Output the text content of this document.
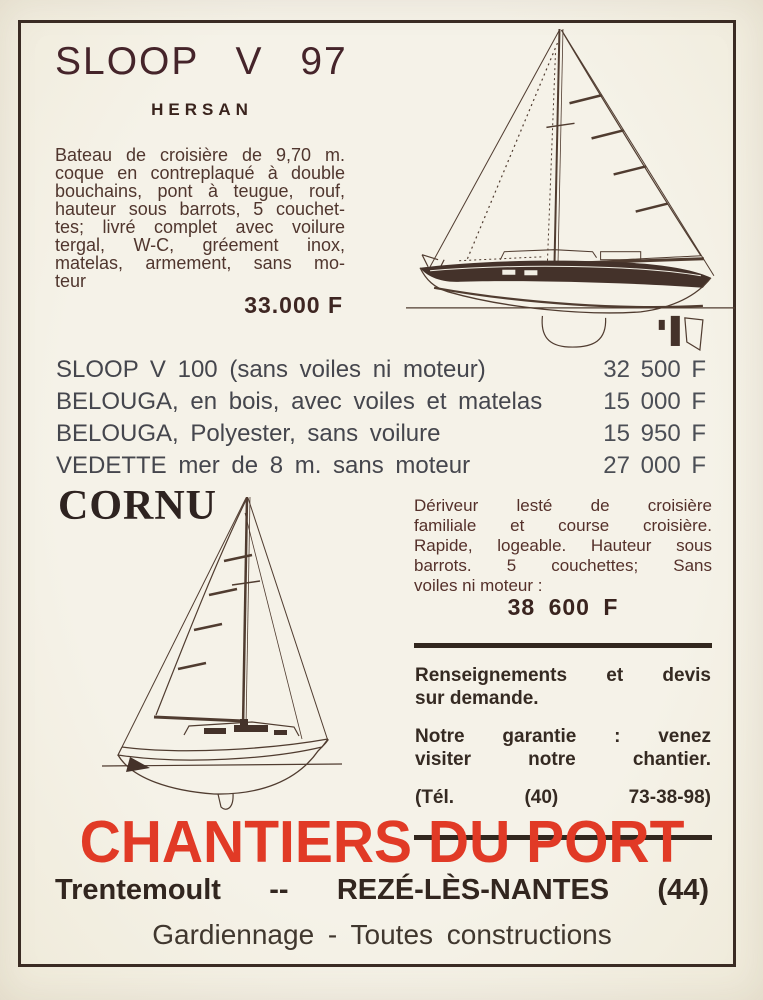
SLOOP V 97
HERSAN
Bateau de croisière de 9,70 m.
coque en contreplaqué à double
bouchains, pont à teugue, rouf,
hauteur sous barrots, 5 couchet-
tes; livré complet avec voilure
tergal, W-C, gréement inox,
matelas, armement, sans mo-
teur
33.000 F
SLOOP V 100 (sans voiles ni moteur)	32 500 F
BELOUGA, en bois, avec voiles et matelas	15 000 F
BELOUGA, Polyester, sans voilure	15 950 F
VEDETTE mer de 8 m. sans moteur	27 000 F
CORNU	Dériveur lesté de croisière
familiale et course croisière.
Rapide, logeable. Hauteur sous
barrots. 5 couchettes; Sans
voiles ni moteur :
38 600 F

Renseignements et devis
sur demande.

Notre garantie : venez
visiter notre chantier.

(Tél. (40) 73-38-98)

CHANTIERS DU PORT
Trentemoult -- REZÉ-LÈS-NANTES (44)
Gardiennage - Toutes constructions
